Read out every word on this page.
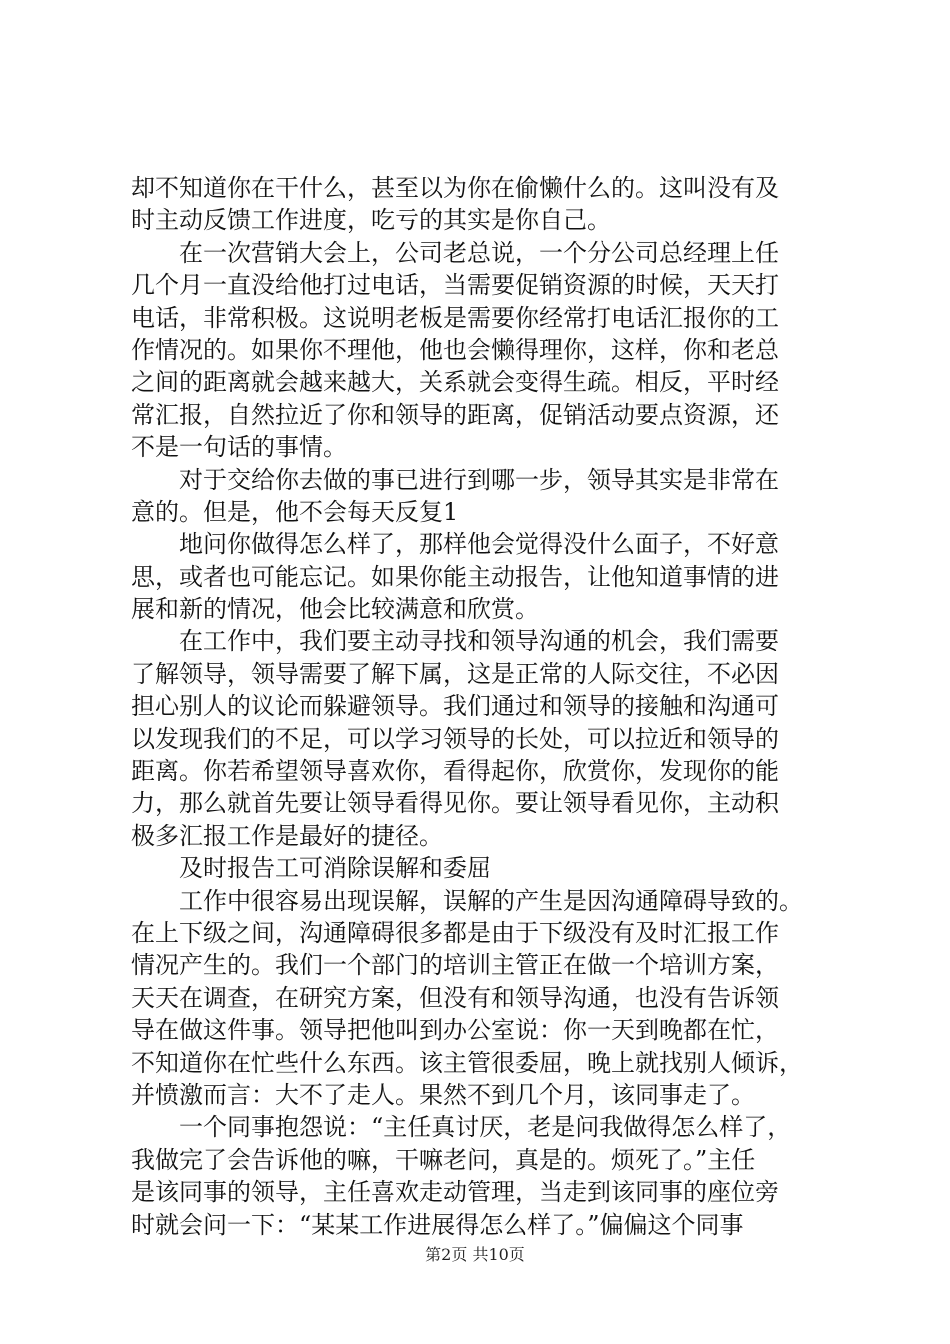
却不知道你在干什么，甚至以为你在偷懒什么的。这叫没有及
时主动反馈工作进度，吃亏的其实是你自己。
在一次营销大会上，公司老总说，一个分公司总经理上任
几个月一直没给他打过电话，当需要促销资源的时候，天天打
电话，非常积极。这说明老板是需要你经常打电话汇报你的工
作情况的。如果你不理他，他也会懒得理你，这样，你和老总
之间的距离就会越来越大，关系就会变得生疏。相反，平时经
常汇报，自然拉近了你和领导的距离，促销活动要点资源，还
不是一句话的事情。
对于交给你去做的事已进行到哪一步，领导其实是非常在
意的。但是，他不会每天反复1
地问你做得怎么样了，那样他会觉得没什么面子，不好意
思，或者也可能忘记。如果你能主动报告，让他知道事情的进
展和新的情况，他会比较满意和欣赏。
在工作中，我们要主动寻找和领导沟通的机会，我们需要
了解领导，领导需要了解下属，这是正常的人际交往，不必因
担心别人的议论而躲避领导。我们通过和领导的接触和沟通可
以发现我们的不足，可以学习领导的长处，可以拉近和领导的
距离。你若希望领导喜欢你，看得起你，欣赏你，发现你的能
力，那么就首先要让领导看得见你。要让领导看见你，主动积
极多汇报工作是最好的捷径。
及时报告工可消除误解和委屈
工作中很容易出现误解，误解的产生是因沟通障碍导致的。
在上下级之间，沟通障碍很多都是由于下级没有及时汇报工作
情况产生的。我们一个部门的培训主管正在做一个培训方案，
天天在调查，在研究方案，但没有和领导沟通，也没有告诉领
导在做这件事。领导把他叫到办公室说：你一天到晚都在忙，
不知道你在忙些什么东西。该主管很委屈，晚上就找别人倾诉，
并愤激而言：大不了走人。果然不到几个月，该同事走了。
一个同事抱怨说：“主任真讨厌，老是问我做得怎么样了，
我做完了会告诉他的嘛，干嘛老问，真是的。烦死了。”主任
是该同事的领导，主任喜欢走动管理，当走到该同事的座位旁
时就会问一下：“某某工作进展得怎么样了。”偏偏这个同事
第2页 共10页
